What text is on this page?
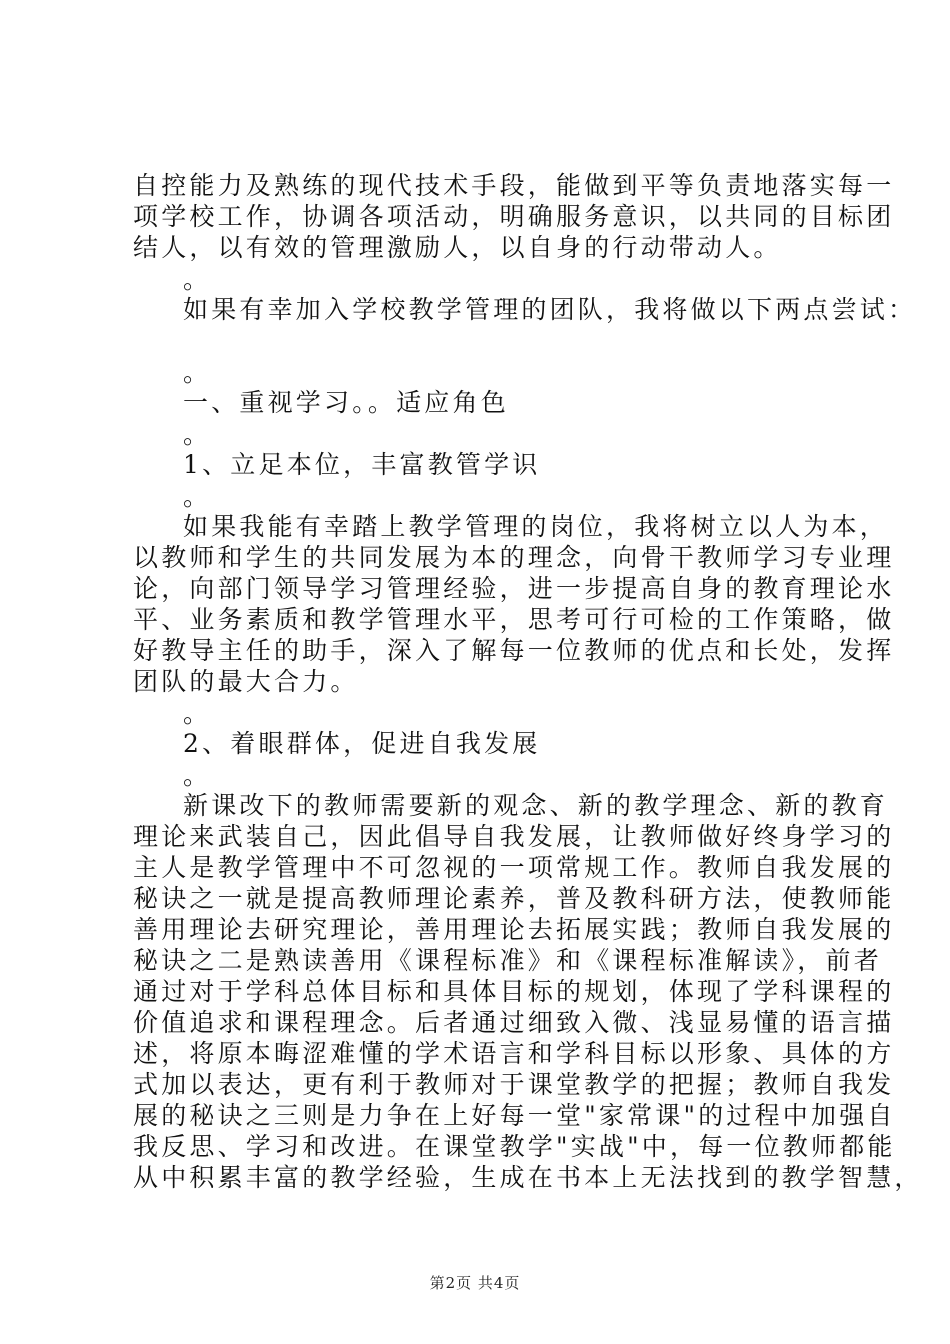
自控能力及熟练的现代技术手段，能做到平等负责地落实每一
项学校工作，协调各项活动，明确服务意识，以共同的目标团
结人，以有效的管理激励人，以自身的行动带动人。
。
如果有幸加入学校教学管理的团队，我将做以下两点尝试：
。
一、重视学习。。适应角色
。
1、立足本位，丰富教管学识
。
如果我能有幸踏上教学管理的岗位，我将树立以人为本，
以教师和学生的共同发展为本的理念，向骨干教师学习专业理
论，向部门领导学习管理经验，进一步提高自身的教育理论水
平、业务素质和教学管理水平，思考可行可检的工作策略，做
好教导主任的助手，深入了解每一位教师的优点和长处，发挥
团队的最大合力。
。
2、着眼群体，促进自我发展
。
新课改下的教师需要新的观念、新的教学理念、新的教育
理论来武装自己，因此倡导自我发展，让教师做好终身学习的
主人是教学管理中不可忽视的一项常规工作。教师自我发展的
秘诀之一就是提高教师理论素养，普及教科研方法，使教师能
善用理论去研究理论，善用理论去拓展实践；教师自我发展的
秘诀之二是熟读善用《课程标准》和《课程标准解读》，前者
通过对于学科总体目标和具体目标的规划，体现了学科课程的
价值追求和课程理念。后者通过细致入微、浅显易懂的语言描
述，将原本晦涩难懂的学术语言和学科目标以形象、具体的方
式加以表达，更有利于教师对于课堂教学的把握；教师自我发
展的秘诀之三则是力争在上好每一堂"家常课"的过程中加强自
我反思、学习和改进。在课堂教学"实战"中，每一位教师都能
从中积累丰富的教学经验，生成在书本上无法找到的教学智慧，
第2页 共4页
